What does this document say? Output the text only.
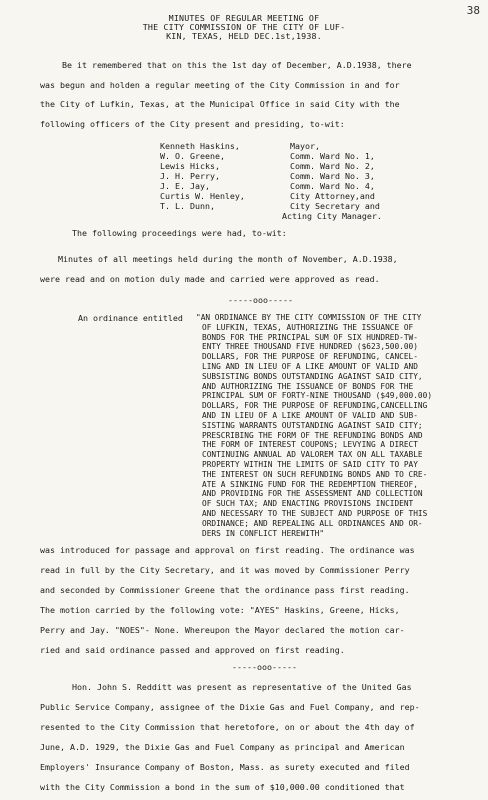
38
MINUTES OF REGULAR MEETING OF
THE CITY COMMISSION OF THE CITY OF LUF-
KIN, TEXAS, HELD DEC.1st,1938.
Be it remembered that on this the 1st day of December, A.D.1938, there
was begun and holden a regular meeting of the City Commission in and for
the City of Lufkin, Texas, at the Municipal Office in said City with the
following officers of the City present and presiding, to-wit:
Kenneth Haskins,	Mayor,
W. O. Greene,	Comm. Ward No. 1,
Lewis Hicks,	Comm. Ward No. 2,
J. H. Perry,	Comm. Ward No. 3,
J. E. Jay,	Comm. Ward No. 4,
Curtis W. Henley,	City Attorney,and
T. L. Dunn,	City Secretary and
Acting City Manager.
The following proceedings were had, to-wit:
Minutes of all meetings held during the month of November, A.D.1938,
were read and on motion duly made and carried were approved as read.
-----ooo-----
An ordinance entitled "AN ORDINANCE BY THE CITY COMMISSION OF THE CITY
OF LUFKIN, TEXAS, AUTHORIZING THE ISSUANCE OF
BONDS FOR THE PRINCIPAL SUM OF SIX HUNDRED-TW-
ENTY THREE THOUSAND FIVE HUNDRED ($623,500.00)
DOLLARS, FOR THE PURPOSE OF REFUNDING, CANCEL-
LING AND IN LIEU OF A LIKE AMOUNT OF VALID AND
SUBSISTING BONDS OUTSTANDING AGAINST SAID CITY,
AND AUTHORIZING THE ISSUANCE OF BONDS FOR THE
PRINCIPAL SUM OF FORTY-NINE THOUSAND ($49,000.00)
DOLLARS, FOR THE PURPOSE OF REFUNDING,CANCELLING
AND IN LIEU OF A LIKE AMOUNT OF VALID AND SUB-
SISTING WARRANTS OUTSTANDING AGAINST SAID CITY;
PRESCRIBING THE FORM OF THE REFUNDING BONDS AND
THE FORM OF INTEREST COUPONS; LEVYING A DIRECT
CONTINUING ANNUAL AD VALOREM TAX ON ALL TAXABLE
PROPERTY WITHIN THE LIMITS OF SAID CITY TO PAY
THE INTEREST ON SUCH REFUNDING BONDS AND TO CRE-
ATE A SINKING FUND FOR THE REDEMPTION THEREOF,
AND PROVIDING FOR THE ASSESSMENT AND COLLECTION
OF SUCH TAX; AND ENACTING PROVISIONS INCIDENT
AND NECESSARY TO THE SUBJECT AND PURPOSE OF THIS
ORDINANCE; AND REPEALING ALL ORDINANCES AND OR-
DERS IN CONFLICT HEREWITH"
was introduced for passage and approval on first reading. The ordinance was
read in full by the City Secretary, and it was moved by Commissioner Perry
and seconded by Commissioner Greene that the ordinance pass first reading.
The motion carried by the following vote: "AYES" Haskins, Greene, Hicks,
Perry and Jay. "NOES"- None. Whereupon the Mayor declared the motion car-
ried and said ordinance passed and approved on first reading.
-----ooo-----
Hon. John S. Redditt was present as representative of the United Gas
Public Service Company, assignee of the Dixie Gas and Fuel Company, and rep-
resented to the City Commission that heretofore, on or about the 4th day of
June, A.D. 1929, the Dixie Gas and Fuel Company as principal and American
Employers' Insurance Company of Boston, Mass. as surety executed and filed
with the City Commission a bond in the sum of $10,000.00 conditioned that
